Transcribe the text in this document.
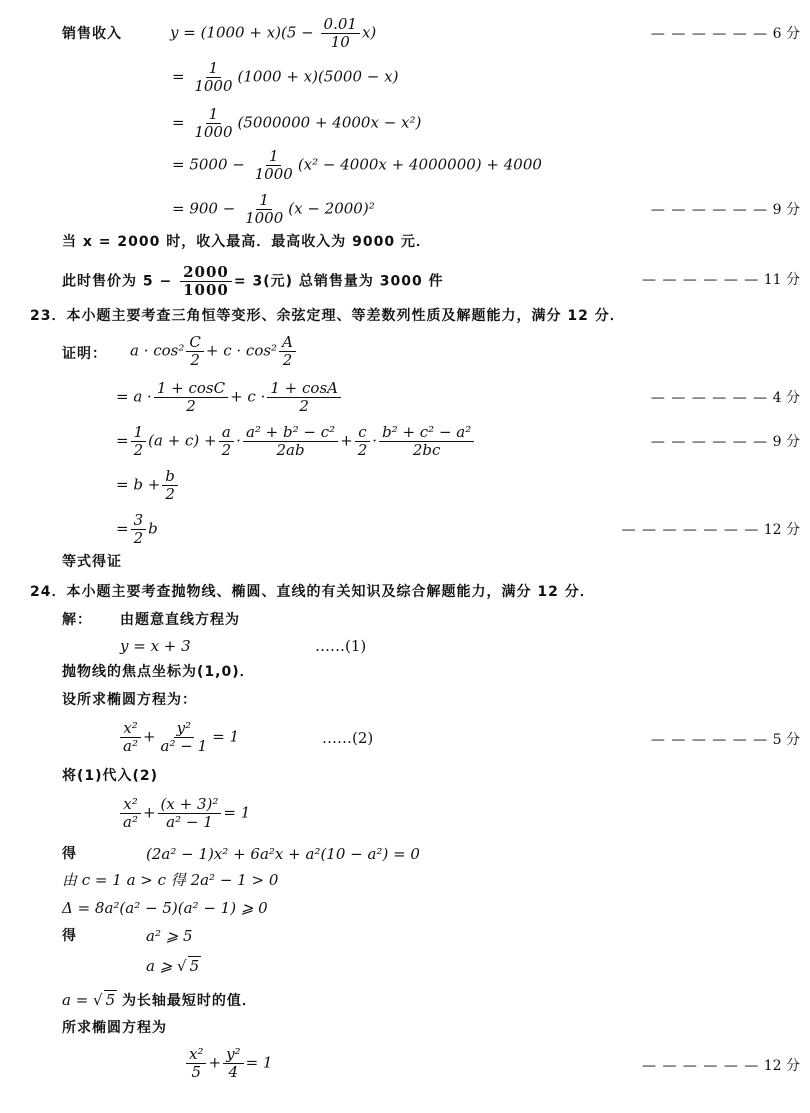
销售收入	$y = (1000 + x)(5 - \frac{0.01}{10} x)$	— — — — — — 6 分
= $\frac{1}{1000} (1000 + x)(5000 - x)$
= $\frac{1}{1000} (5000000 + 4000x - x^2)$
= $5000 - \frac{1}{1000} (x^2 - 4000x + 4000000) + 4000$
= $900 - \frac{1}{1000} (x - 2000)^2$	— — — — — — 9 分
当 x = 2000 时，收入最高．最高收入为 9000 元．
此时售价为 $5 - \frac{2000}{1000} = 3$(元) 总销售量为 3000 件	— — — — — — 11 分
23．本小题主要考查三角恒等变形、余弦定理、等差数列性质及解题能力，满分 12 分．
证明： $a \cdot \cos^2 \frac{C}{2} + c \cdot \cos^2 \frac{A}{2}$
= $a \cdot \frac{1 + \cos C}{2} + c \cdot \frac{1 + \cos A}{2}$	— — — — — — 4 分
= $\frac{1}{2} (a + c) + \frac{a}{2} \cdot \frac{\text{a² + b² − c²}}{2ab} + \frac{c}{2} \cdot \frac{\text{b² + c² − a²}}{2bc}$	— — — — — — 9 分
= $b + \frac{b}{2}$
= $\frac{3}{2}$ b	— — — — — — — 12 分
等式得证
24．本小题主要考查抛物线、椭圆、直线的有关知识及综合解题能力，满分 12 分．
解： 由题意直线方程为
y = x + 3	……(1)
抛物线的焦点坐标为(1,0)．
设所求椭圆方程为：
$\frac{\text{x²}}{\text{a²}} + \frac{\text{y²}}{\text{a² − 1}} = 1$	……(2)	— — — — — — 5 分
将(1)代入(2)
$\frac{\text{x²}}{\text{a²}} + \frac{\text{(x + 3)²}}{\text{a² − 1}} = 1$
得	(2a² − 1)x² + 6a²x + a²(10 − a²) = 0
由 c = 1 a > c 得 2a² − 1 > 0
Δ = 8a²(a² − 5)(a² − 1) ⩾ 0
得	a² ⩾ 5
a ⩾ √ 5
a = √ 5 为长轴最短时的值．
所求椭圆方程为
$\frac{\text{x²}}{5} + \frac{\text{y²}}{4} = 1$	— — — — — — 12 分
